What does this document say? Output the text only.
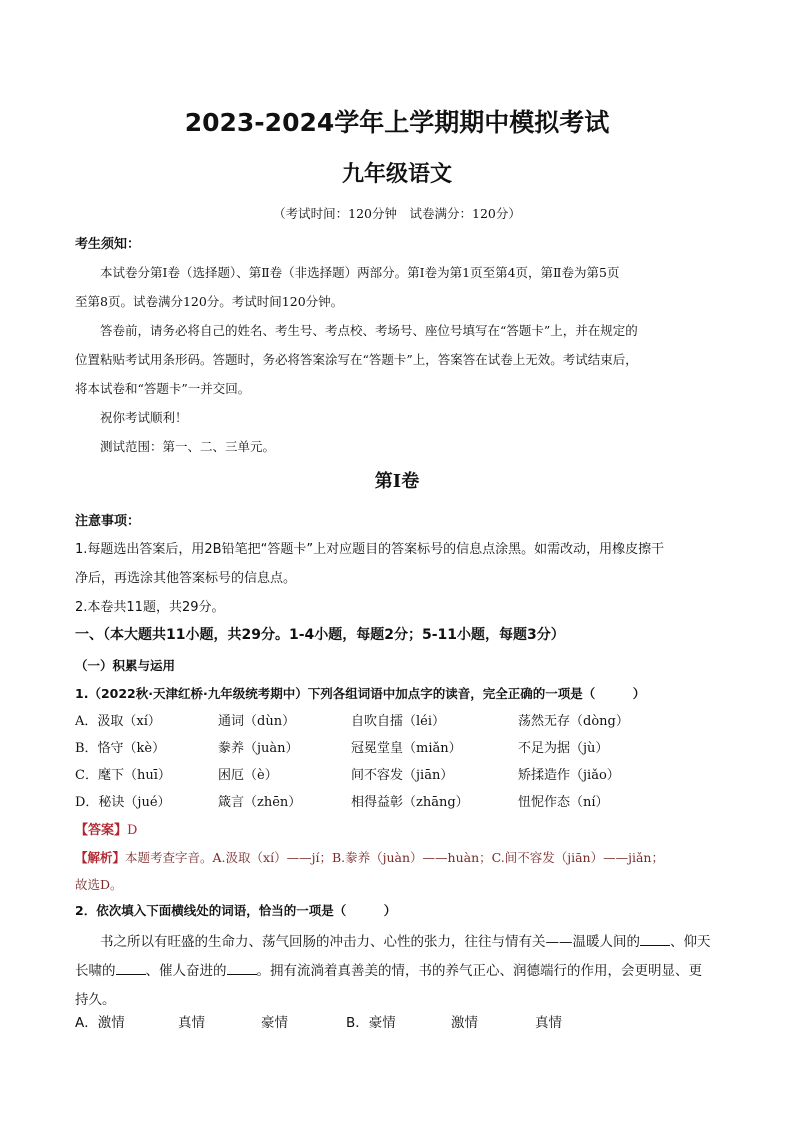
2023-2024学年上学期期中模拟考试
九年级语文
（考试时间：120分钟　试卷满分：120分）
考生须知：
本试卷分第Ⅰ卷（选择题）、第Ⅱ卷（非选择题）两部分。第Ⅰ卷为第1页至第4页，第Ⅱ卷为第5页
至第8页。试卷满分120分。考试时间120分钟。
答卷前，请务必将自己的姓名、考生号、考点校、考场号、座位号填写在“答题卡”上，并在规定的
位置粘贴考试用条形码。答题时，务必将答案涂写在“答题卡”上，答案答在试卷上无效。考试结束后，
将本试卷和“答题卡”一并交回。
祝你考试顺利！
测试范围：第一、二、三单元。
第Ⅰ卷
注意事项：
1.每题选出答案后，用2B铅笔把“答题卡”上对应题目的答案标号的信息点涂黑。如需改动，用橡皮擦干
净后，再选涂其他答案标号的信息点。
2.本卷共11题，共29分。
一、（本大题共11小题，共29分。1-4小题，每题2分；5-11小题，每题3分）
（一）积累与运用
1.（2022秋·天津红桥·九年级统考期中）下列各组词语中加点字的读音，完全正确的一项是（　　　）
A．汲取（xí）	通词（dùn）	自吹自擂（léi）	荡然无存（dòng）
B．恪守（kè）	豢养（juàn）	冠冕堂皇（miǎn）	不足为据（jù）
C．麾下（huī）	困厄（è）	间不容发（jiān）	矫揉造作（jiǎo）
D．秘诀（jué）	箴言（zhēn）	相得益彰（zhāng）	忸怩作态（ní）
【答案】D
【解析】本题考查字音。A.汲取（xí）——jí；B.豢养（juàn）——huàn；C.间不容发（jiān）——jiǎn；
故选D。
2．依次填入下面横线处的词语，恰当的一项是（　　　）
书之所以有旺盛的生命力、荡气回肠的冲击力、心性的张力，往往与情有关——温暖人间的 、仰天
长啸的 、催人奋进的 。拥有流淌着真善美的情，书的养气正心、润德端行的作用，会更明显、更
持久。
A．激情	真情	豪情	B．豪情	激情	真情
